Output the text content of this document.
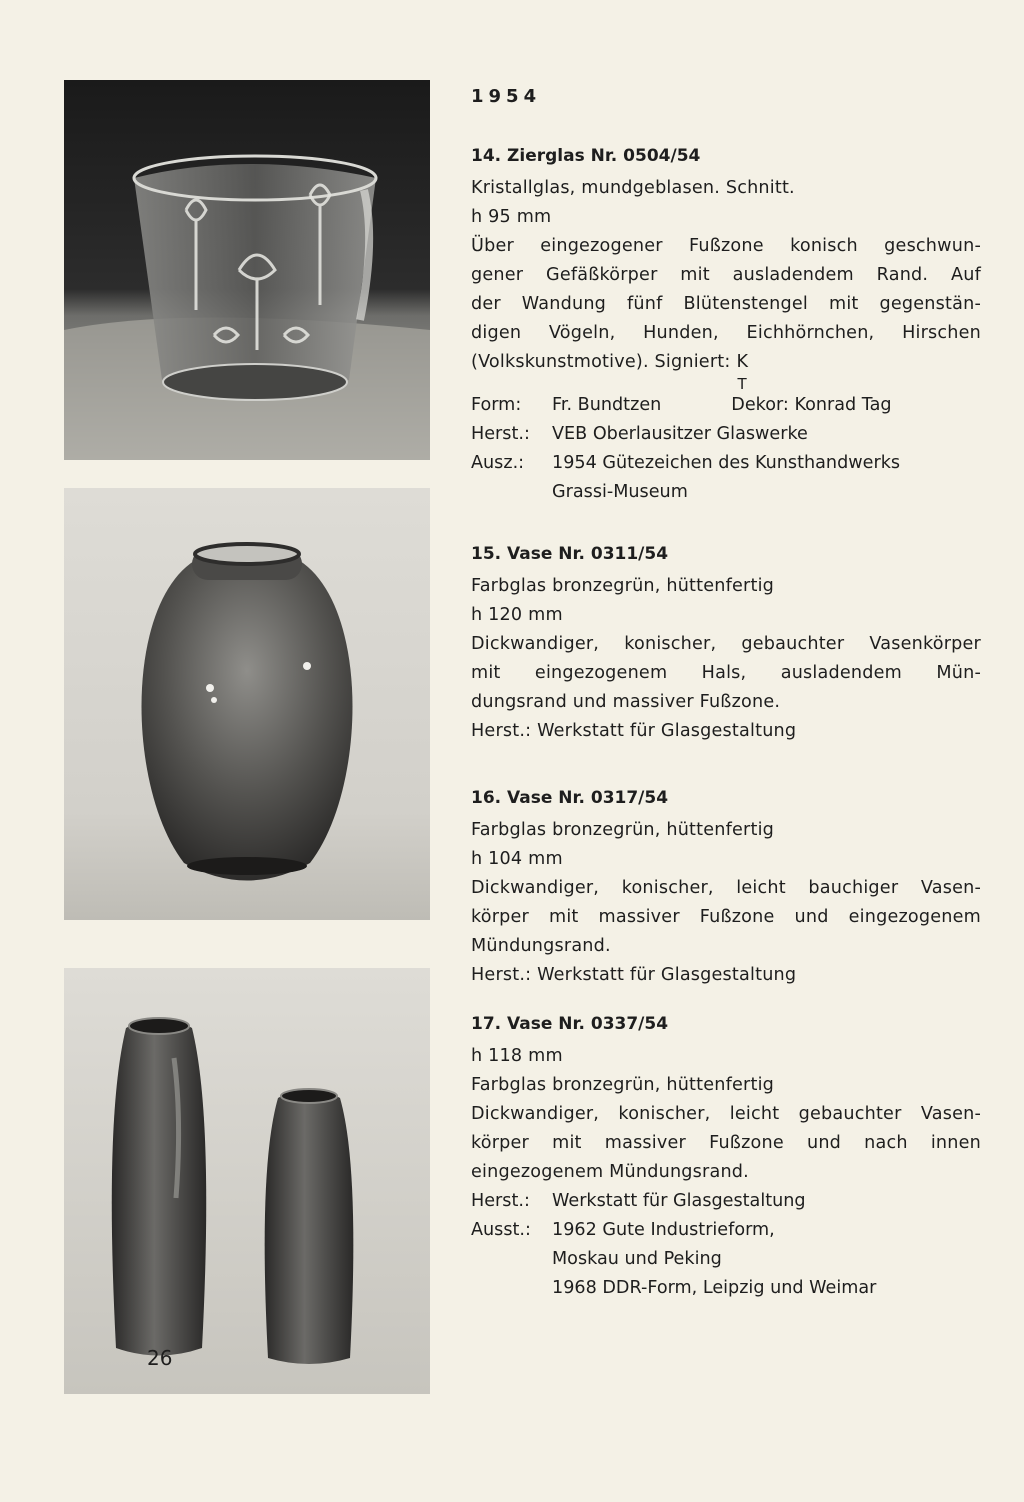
1954
14. Zierglas Nr. 0504/54
Kristallglas, mundgeblasen. Schnitt.
h 95 mm
Über eingezogener Fußzone konisch geschwun-
gener Gefäßkörper mit ausladendem Rand. Auf
der Wandung fünf Blütenstengel mit gegenstän-
digen Vögeln, Hunden, Eichhörnchen, Hirschen
(Volkskunstmotive). Signiert: K
T
Form:	Fr. Bundtzen	Dekor: Konrad Tag
Herst.:	VEB Oberlausitzer Glaswerke
Ausz.:	1954 Gütezeichen des Kunsthandwerks
Grassi-Museum
15. Vase Nr. 0311/54
Farbglas bronzegrün, hüttenfertig
h 120 mm
Dickwandiger, konischer, gebauchter Vasenkörper
mit eingezogenem Hals, ausladendem Mün-
dungsrand und massiver Fußzone.
Herst.: Werkstatt für Glasgestaltung
16. Vase Nr. 0317/54
Farbglas bronzegrün, hüttenfertig
h 104 mm
Dickwandiger, konischer, leicht bauchiger Vasen-
körper mit massiver Fußzone und eingezogenem
Mündungsrand.
Herst.: Werkstatt für Glasgestaltung
17. Vase Nr. 0337/54
h 118 mm
Farbglas bronzegrün, hüttenfertig
Dickwandiger, konischer, leicht gebauchter Vasen-
körper mit massiver Fußzone und nach innen
eingezogenem Mündungsrand.
Herst.:	Werkstatt für Glasgestaltung
Ausst.:	1962 Gute Industrieform,
Moskau und Peking
1968 DDR-Form, Leipzig und Weimar
26
